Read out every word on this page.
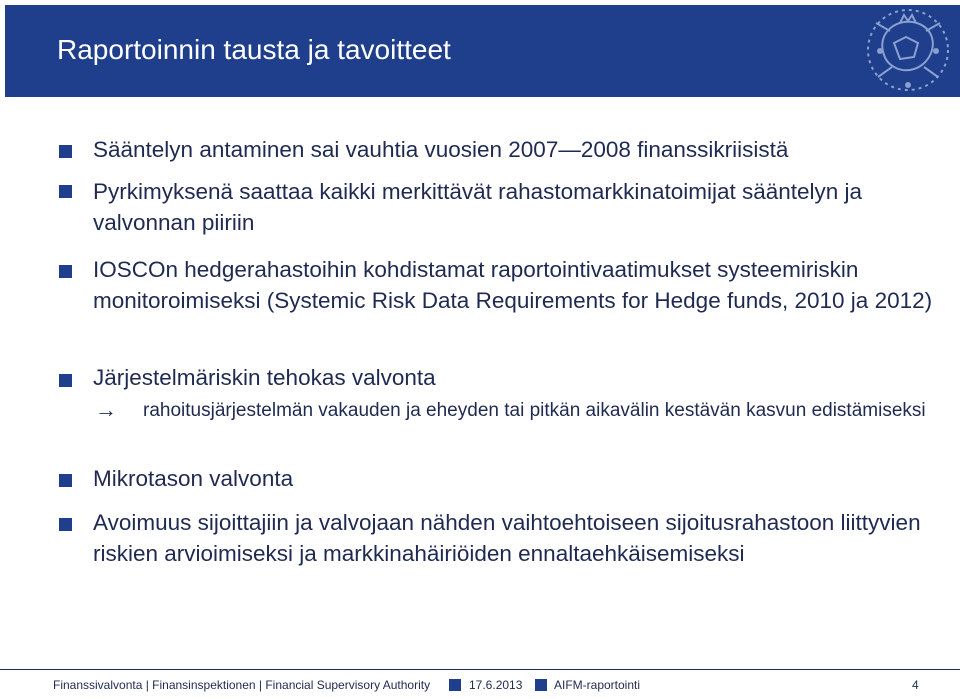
Raportoinnin tausta ja tavoitteet
Sääntelyn antaminen sai vauhtia vuosien 2007—2008 finanssikriisistä
Pyrkimyksenä saattaa kaikki merkittävät rahastomarkkinatoimijat sääntelyn ja valvonnan piiriin
IOSCOn hedgerahastoihin kohdistamat raportointivaatimukset systeemiriskin monitoroimiseksi (Systemic Risk Data Requirements for Hedge funds, 2010 ja 2012)
Järjestelmäriskin tehokas valvonta
→ rahoitusjärjestelmän vakauden ja eheyden tai pitkän aikavälin kestävän kasvun edistämiseksi
Mikrotason valvonta
Avoimuus sijoittajiin ja valvojaan nähden vaihtoehtoiseen sijoitusrahastoon liittyvien riskien arvioimiseksi ja markkinahäiriöiden ennaltaehkäisemiseksi
Finanssivalvonta | Finansinspektionen | Financial Supervisory Authority	17.6.2013	AIFM-raportointi	4
